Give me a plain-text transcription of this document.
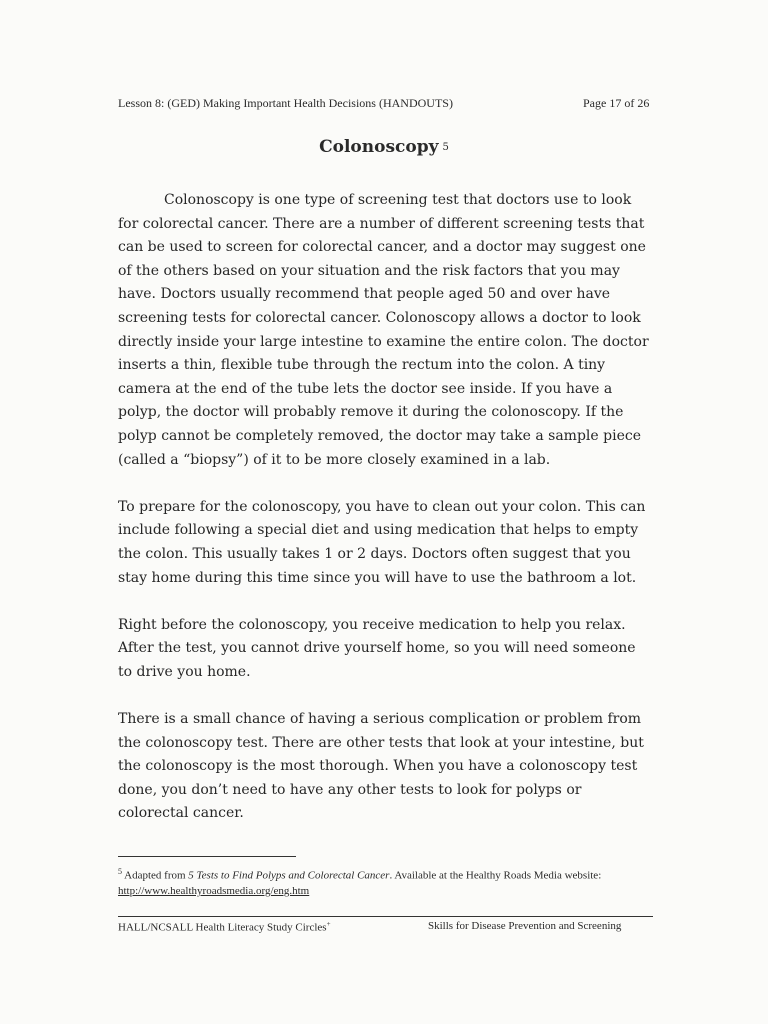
Lesson 8: (GED) Making Important Health Decisions (HANDOUTS)	Page 17 of 26
Colonoscopy $^5$

Colonoscopy is one type of screening test that doctors use to look for colorectal cancer. There are a number of different screening tests that can be used to screen for colorectal cancer, and a doctor may suggest one of the others based on your situation and the risk factors that you may have. Doctors usually recommend that people aged 50 and over have screening tests for colorectal cancer. Colonoscopy allows a doctor to look directly inside your large intestine to examine the entire colon. The doctor inserts a thin, flexible tube through the rectum into the colon. A tiny camera at the end of the tube lets the doctor see inside. If you have a polyp, the doctor will probably remove it during the colonoscopy. If the polyp cannot be completely removed, the doctor may take a sample piece (called a “biopsy”) of it to be more closely examined in a lab.

To prepare for the colonoscopy, you have to clean out your colon. This can include following a special diet and using medication that helps to empty the colon. This usually takes 1 or 2 days. Doctors often suggest that you stay home during this time since you will have to use the bathroom a lot.

Right before the colonoscopy, you receive medication to help you relax. After the test, you cannot drive yourself home, so you will need someone to drive you home.

There is a small chance of having a serious complication or problem from the colonoscopy test. There are other tests that look at your intestine, but the colonoscopy is the most thorough. When you have a colonoscopy test done, you don’t need to have any other tests to look for polyps or colorectal cancer.

$^5$ Adapted from 5 Tests to Find Polyps and Colorectal Cancer. Available at the Healthy Roads Media website: http://www.healthyroadsmedia.org/eng.htm
HALL/NCSALL Health Literacy Study Circles+	Skills for Disease Prevention and Screening
